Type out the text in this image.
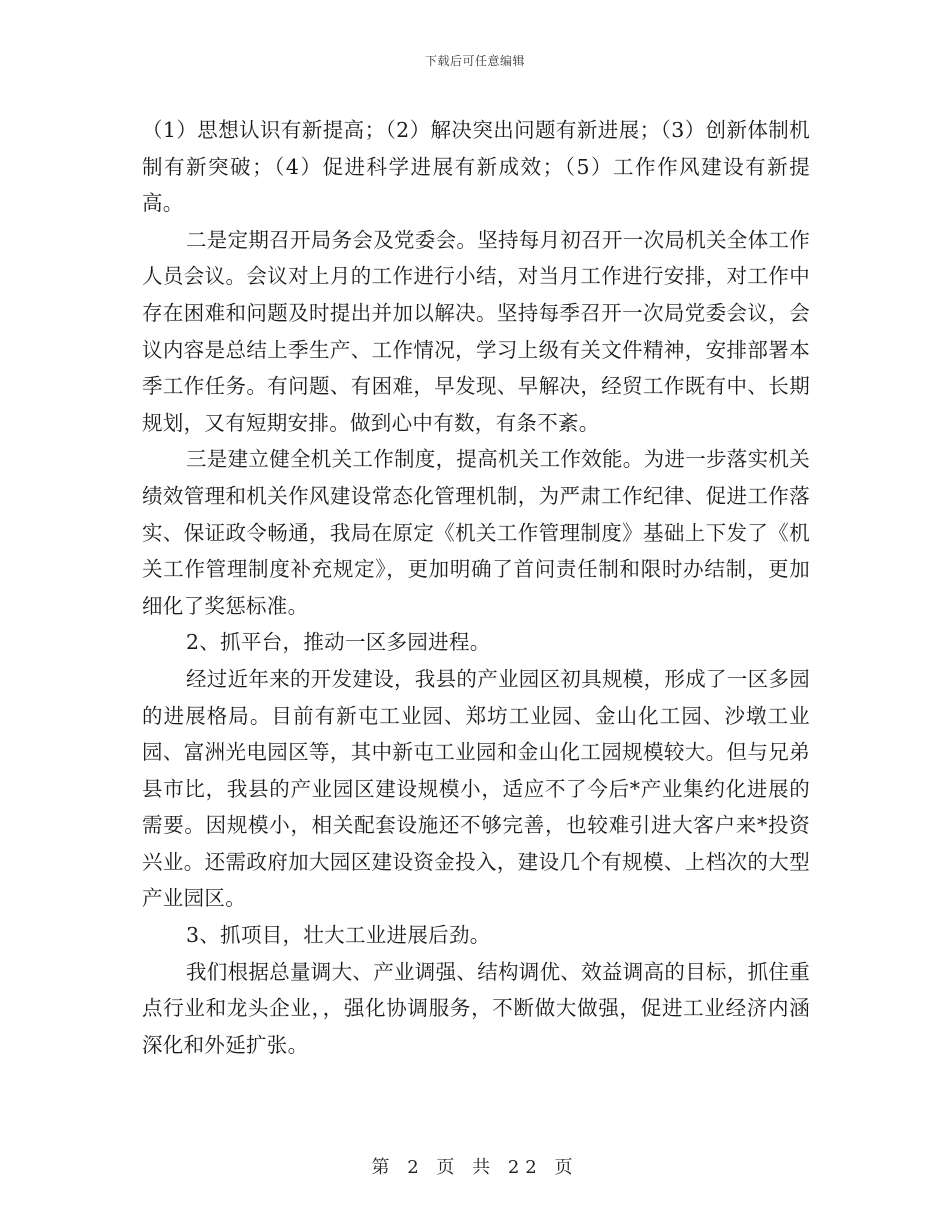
下载后可任意编辑

（1）思想认识有新提高；（2）解决突出问题有新进展；（3）创新体制机制有新突破；（4）促进科学进展有新成效；（5）工作作风建设有新提高。

二是定期召开局务会及党委会。坚持每月初召开一次局机关全体工作人员会议。会议对上月的工作进行小结，对当月工作进行安排，对工作中存在困难和问题及时提出并加以解决。坚持每季召开一次局党委会议，会议内容是总结上季生产、工作情况，学习上级有关文件精神，安排部署本季工作任务。有问题、有困难，早发现、早解决，经贸工作既有中、长期规划，又有短期安排。做到心中有数，有条不紊。

三是建立健全机关工作制度，提高机关工作效能。为进一步落实机关绩效管理和机关作风建设常态化管理机制，为严肃工作纪律、促进工作落实、保证政令畅通，我局在原定《机关工作管理制度》基础上下发了《机关工作管理制度补充规定》，更加明确了首问责任制和限时办结制，更加细化了奖惩标准。

2、抓平台，推动一区多园进程。

经过近年来的开发建设，我县的产业园区初具规模，形成了一区多园的进展格局。目前有新屯工业园、郑坊工业园、金山化工园、沙墩工业园、富洲光电园区等，其中新屯工业园和金山化工园规模较大。但与兄弟县市比，我县的产业园区建设规模小，适应不了今后*产业集约化进展的需要。因规模小，相关配套设施还不够完善，也较难引进大客户来*投资兴业。还需政府加大园区建设资金投入，建设几个有规模、上档次的大型产业园区。

3、抓项目，壮大工业进展后劲。

我们根据总量调大、产业调强、结构调优、效益调高的目标，抓住重点行业和龙头企业，，强化协调服务，不断做大做强，促进工业经济内涵深化和外延扩张。

第 2 页 共 22 页
